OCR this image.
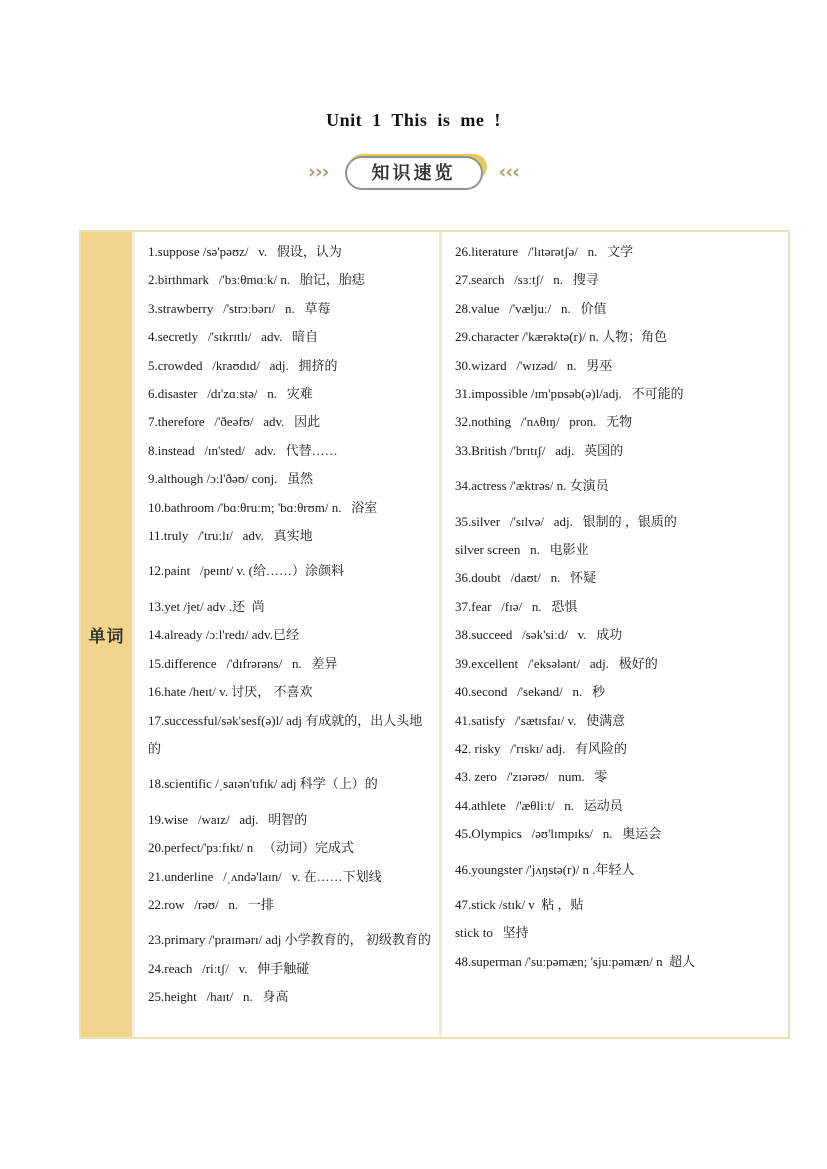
Unit 1 This is me !
›››	知识速览	‹‹‹
单词
1.suppose /sə'pəʊz/   v.   假设，认为
2.birthmark   /'bɜːθmɑːk/ n.   胎记，胎痣
3.strawberry   /'strɔːbərɪ/   n.   草莓
4.secretly   /'sɪkrɪtlɪ/   adv.   暗自
5.crowded   /kraʊdɪd/   adj.   拥挤的
6.disaster   /dɪ'zɑːstə/   n.   灾难
7.therefore   /'ðeəfʊ/   adv.   因此
8.instead   /ɪn'sted/   adv.   代替……
9.although /ɔːl'ðəʊ/ conj.   虽然
10.bathroom /'bɑːθruːm; 'bɑːθrʊm/ n.   浴室
11.truly   /'truːlɪ/   adv.   真实地
12.paint   /peɪnt/ v. (给……）涂颜料
13.yet /jet/ adv .还  尚
14.already /ɔːl'redɪ/ adv.已经
15.difference   /'dɪfrərəns/   n.   差异
16.hate /heɪt/ v. 讨厌， 不喜欢
17.successful/sək'sesf(ə)l/ adj 有成就的，出人头地的
18.scientific /ˌsaɪən'tɪfɪk/ adj 科学（上）的
19.wise   /waɪz/   adj.   明智的
20.perfect/'pɜːfɪkt/ n   （动词）完成式
21.underline   /ˌʌndə'laɪn/   v. 在……下划线
22.row   /rəʊ/   n.   一排
23.primary /'praɪmərɪ/ adj 小学教育的， 初级教育的
24.reach   /riːtʃ/   v.   伸手触碰
25.height   /haɪt/   n.   身高
26.literature   /'lɪtərətʃə/   n.   文学
27.search   /sɜːtʃ/   n.   搜寻
28.value   /'væljuː/   n.   价值
29.character /'kærəktə(r)/ n. 人物；角色
30.wizard   /'wɪzəd/   n.   男巫
31.impossible /ɪm'pɒsəb(ə)l/adj.   不可能的
32.nothing   /'nʌθɪŋ/   pron.   无物
33.British /'brɪtɪʃ/   adj.   英国的
34.actress /'æktrəs/ n. 女演员
35.silver   /'sɪlvə/   adj.   银制的 ，银质的
silver screen   n.   电影业
36.doubt   /daʊt/   n.   怀疑
37.fear   /fɪə/   n.   恐惧
38.succeed   /sək'siːd/   v.   成功
39.excellent   /'eksələnt/   adj.   极好的
40.second   /'sekənd/   n.   秒
41.satisfy   /'sætɪsfaɪ/ v.   使满意
42. risky   /'rɪskɪ/ adj.   有风险的
43. zero   /'zɪərəʊ/   num.   零
44.athlete   /'æθliːt/   n.   运动员
45.Olympics   /əʊ'lɪmpɪks/   n.   奥运会
46.youngster /'jʌŋstə(r)/ n .年轻人
47.stick /stɪk/ v  粘 ，贴
stick to   坚持
48.superman /'suːpəmæn; 'sjuːpəmæn/ n  超人
